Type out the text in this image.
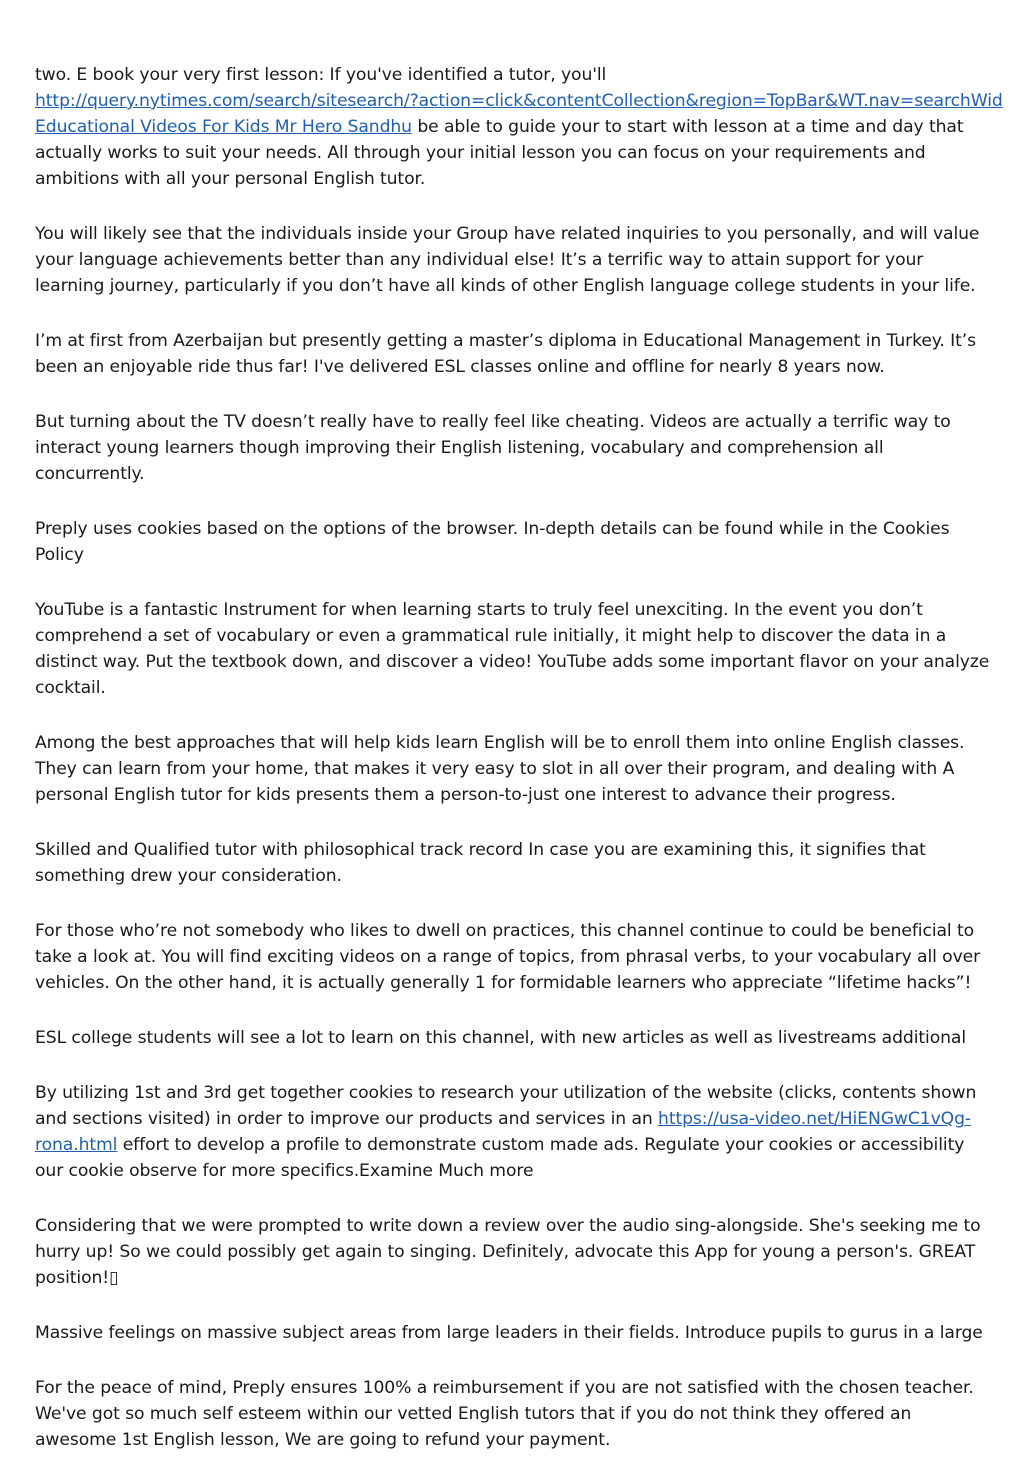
two. E book your very first lesson: If you've identified a tutor, you'll http://query.nytimes.com/search/sitesearch/?action=click&contentCollection&region=TopBar&WT.nav=searchWid Educational Videos For Kids Mr Hero Sandhu be able to guide your to start with lesson at a time and day that actually works to suit your needs. All through your initial lesson you can focus on your requirements and ambitions with all your personal English tutor.

You will likely see that the individuals inside your Group have related inquiries to you personally, and will value your language achievements better than any individual else! It’s a terrific way to attain support for your learning journey, particularly if you don’t have all kinds of other English language college students in your life.

I’m at first from Azerbaijan but presently getting a master’s diploma in Educational Management in Turkey. It’s been an enjoyable ride thus far! I've delivered ESL classes online and offline for nearly 8 years now.

But turning about the TV doesn’t really have to really feel like cheating. Videos are actually a terrific way to interact young learners though improving their English listening, vocabulary and comprehension all concurrently.

Preply uses cookies based on the options of the browser. In-depth details can be found while in the Cookies Policy

YouTube is a fantastic Instrument for when learning starts to truly feel unexciting. In the event you don’t comprehend a set of vocabulary or even a grammatical rule initially, it might help to discover the data in a distinct way. Put the textbook down, and discover a video! YouTube adds some important flavor on your analyze cocktail.

Among the best approaches that will help kids learn English will be to enroll them into online English classes. They can learn from your home, that makes it very easy to slot in all over their program, and dealing with A personal English tutor for kids presents them a person-to-just one interest to advance their progress.

Skilled and Qualified tutor with philosophical track record In case you are examining this, it signifies that something drew your consideration.

For those who’re not somebody who likes to dwell on practices, this channel continue to could be beneficial to take a look at. You will find exciting videos on a range of topics, from phrasal verbs, to your vocabulary all over vehicles. On the other hand, it is actually generally 1 for formidable learners who appreciate “lifetime hacks”!

ESL college students will see a lot to learn on this channel, with new articles as well as livestreams additional

By utilizing 1st and 3rd get together cookies to research your utilization of the website (clicks, contents shown and sections visited) in order to improve our products and services in an https://usa-video.net/HiENGwC1vQg-rona.html effort to develop a profile to demonstrate custom made ads. Regulate your cookies or accessibility our cookie observe for more specifics.Examine Much more

Considering that we were prompted to write down a review over the audio sing-alongside. She's seeking me to hurry up! So we could possibly get again to singing. Definitely, advocate this App for young a person's. GREAT position!▯

Massive feelings on massive subject areas from large leaders in their fields. Introduce pupils to gurus in a large

For the peace of mind, Preply ensures 100% a reimbursement if you are not satisfied with the chosen teacher. We've got so much self esteem within our vetted English tutors that if you do not think they offered an awesome 1st English lesson, We are going to refund your payment.
